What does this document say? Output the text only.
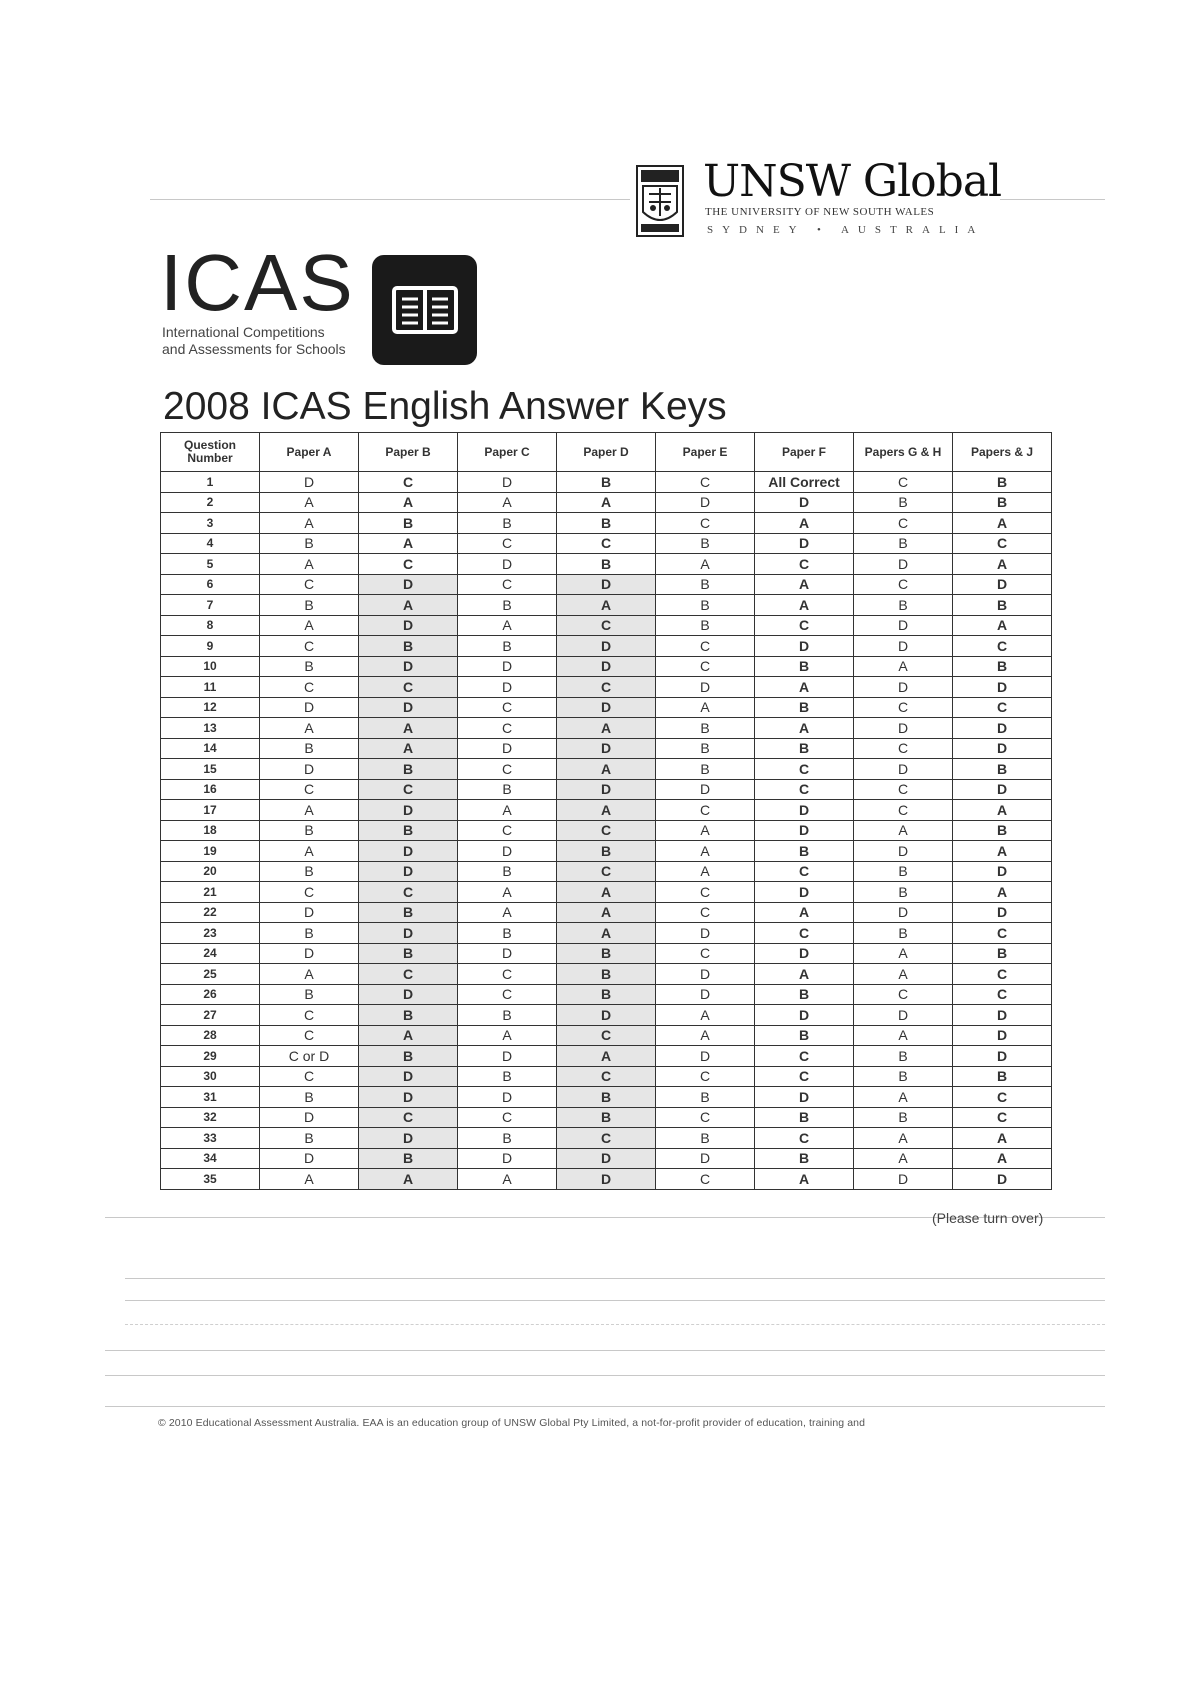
UNSW Global
THE UNIVERSITY OF NEW SOUTH WALES
SYDNEY • AUSTRALIA
ICAS
International Competitions
and Assessments for Schools
2008 ICAS English Answer Keys
Question Number	Paper A	Paper B	Paper C	Paper D	Paper E	Paper F	Papers G & H	Papers & J
1	D	C	D	B	C	All Correct	C	B
2	A	A	A	A	D	D	B	B
3	A	B	B	B	C	A	C	A
4	B	A	C	C	B	D	B	C
5	A	C	D	B	A	C	D	A
6	C	D	C	D	B	A	C	D
7	B	A	B	A	B	A	B	B
8	A	D	A	C	B	C	D	A
9	C	B	B	D	C	D	D	C
10	B	D	D	D	C	B	A	B
11	C	C	D	C	D	A	D	D
12	D	D	C	D	A	B	C	C
13	A	A	C	A	B	A	D	D
14	B	A	D	D	B	B	C	D
15	D	B	C	A	B	C	D	B
16	C	C	B	D	D	C	C	D
17	A	D	A	A	C	D	C	A
18	B	B	C	C	A	D	A	B
19	A	D	D	B	A	B	D	A
20	B	D	B	C	A	C	B	D
21	C	C	A	A	C	D	B	A
22	D	B	A	A	C	A	D	D
23	B	D	B	A	D	C	B	C
24	D	B	D	B	C	D	A	B
25	A	C	C	B	D	A	A	C
26	B	D	C	B	D	B	C	C
27	C	B	B	D	A	D	D	D
28	C	A	A	C	A	B	A	D
29	C or D	B	D	A	D	C	B	D
30	C	D	B	C	C	C	B	B
31	B	D	D	B	B	D	A	C
32	D	C	C	B	C	B	B	C
33	B	D	B	C	B	C	A	A
34	D	B	D	D	D	B	A	A
35	A	A	A	D	C	A	D	D
(Please turn over)
© 2010 Educational Assessment Australia. EAA is an education group of UNSW Global Pty Limited, a not-for-profit provider of education, training and
